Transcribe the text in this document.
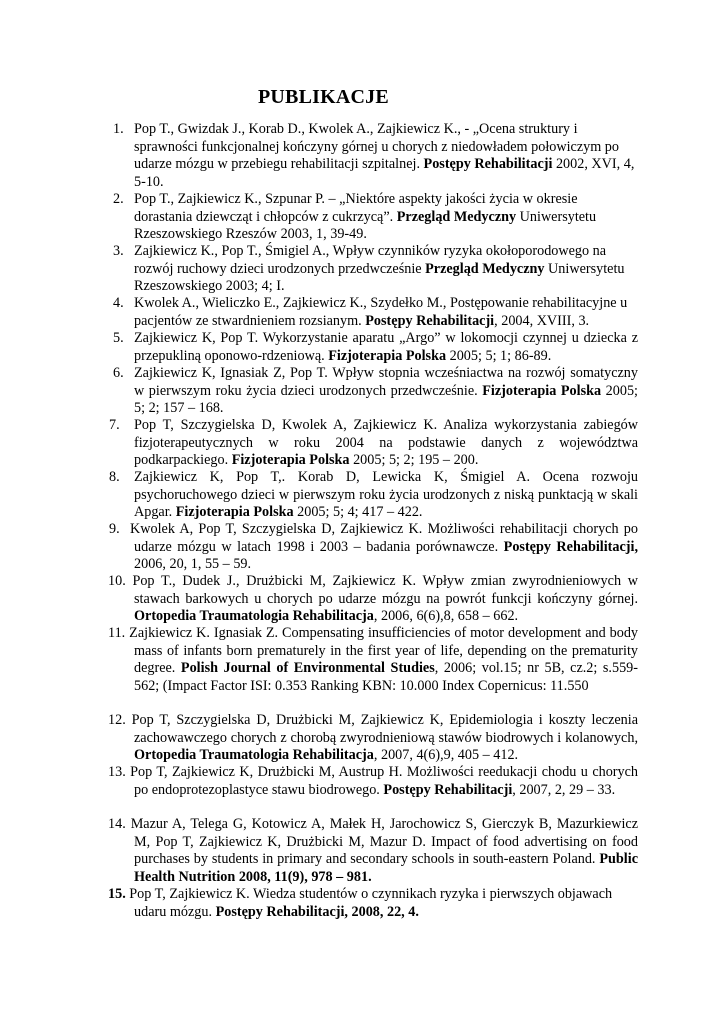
PUBLIKACJE
1. Pop T., Gwizdak J., Korab D., Kwolek A., Zajkiewicz K., - „Ocena struktury i sprawności funkcjonalnej kończyny górnej u chorych z niedowładem połowiczym po udarze mózgu w przebiegu rehabilitacji szpitalnej. Postępy Rehabilitacji 2002, XVI, 4, 5-10.
2. Pop T., Zajkiewicz K., Szpunar P. – „Niektóre aspekty jakości życia w okresie dorastania dziewcząt i chłopców z cukrzycą”. Przegląd Medyczny Uniwersytetu Rzeszowskiego Rzeszów 2003, 1, 39-49.
3. Zajkiewicz K., Pop T., Śmigiel A., Wpływ czynników ryzyka okołoporodowego na rozwój ruchowy dzieci urodzonych przedwcześnie Przegląd Medyczny Uniwersytetu Rzeszowskiego 2003; 4; I.
4. Kwolek A., Wieliczko E., Zajkiewicz K., Szydełko M., Postępowanie rehabilitacyjne u pacjentów ze stwardnieniem rozsianym. Postępy Rehabilitacji, 2004, XVIII, 3.
5. Zajkiewicz K, Pop T. Wykorzystanie aparatu „Argo” w lokomocji czynnej u dziecka z przepukliną oponowo-rdzeniową. Fizjoterapia Polska 2005; 5; 1; 86-89.
6. Zajkiewicz K, Ignasiak Z, Pop T. Wpływ stopnia wcześniactwa na rozwój somatyczny w pierwszym roku życia dzieci urodzonych przedwcześnie. Fizjoterapia Polska 2005; 5; 2; 157 – 168.
7. Pop T, Szczygielska D, Kwolek A, Zajkiewicz K. Analiza wykorzystania zabiegów fizjoterapeutycznych w roku 2004 na podstawie danych z województwa podkarpackiego. Fizjoterapia Polska 2005; 5; 2; 195 – 200.
8. Zajkiewicz K, Pop T,. Korab D, Lewicka K, Śmigiel A. Ocena rozwoju psychoruchowego dzieci w pierwszym roku życia urodzonych z niską punktacją w skali Apgar. Fizjoterapia Polska 2005; 5; 4; 417 – 422.
9. Kwolek A, Pop T, Szczygielska D, Zajkiewicz K. Możliwości rehabilitacji chorych po udarze mózgu w latach 1998 i 2003 – badania porównawcze. Postępy Rehabilitacji, 2006, 20, 1, 55 – 59.
10. Pop T., Dudek J., Drużbicki M, Zajkiewicz K. Wpływ zmian zwyrodnieniowych w stawach barkowych u chorych po udarze mózgu na powrót funkcji kończyny górnej. Ortopedia Traumatologia Rehabilitacja, 2006, 6(6),8, 658 – 662.
11. Zajkiewicz K. Ignasiak Z. Compensating insufficiencies of motor development and body mass of infants born prematurely in the first year of life, depending on the prematurity degree. Polish Journal of Environmental Studies, 2006; vol.15; nr 5B, cz.2; s.559-562; (Impact Factor ISI: 0.353 Ranking KBN: 10.000 Index Copernicus: 11.550
12. Pop T, Szczygielska D, Drużbicki M, Zajkiewicz K, Epidemiologia i koszty leczenia zachowawczego chorych z chorobą zwyrodnieniową stawów biodrowych i kolanowych, Ortopedia Traumatologia Rehabilitacja, 2007, 4(6),9, 405 – 412.
13. Pop T, Zajkiewicz K, Drużbicki M, Austrup H. Możliwości reedukacji chodu u chorych po endoprotezoplastyce stawu biodrowego. Postępy Rehabilitacji, 2007, 2, 29 – 33.
14. Mazur A, Telega G, Kotowicz A, Małek H, Jarochowicz S, Gierczyk B, Mazurkiewicz M, Pop T, Zajkiewicz K, Drużbicki M, Mazur D. Impact of food advertising on food purchases by students in primary and secondary schools in south-eastern Poland. Public Health Nutrition 2008, 11(9), 978 – 981.
15. Pop T, Zajkiewicz K. Wiedza studentów o czynnikach ryzyka i pierwszych objawach udaru mózgu. Postępy Rehabilitacji, 2008, 22, 4.
